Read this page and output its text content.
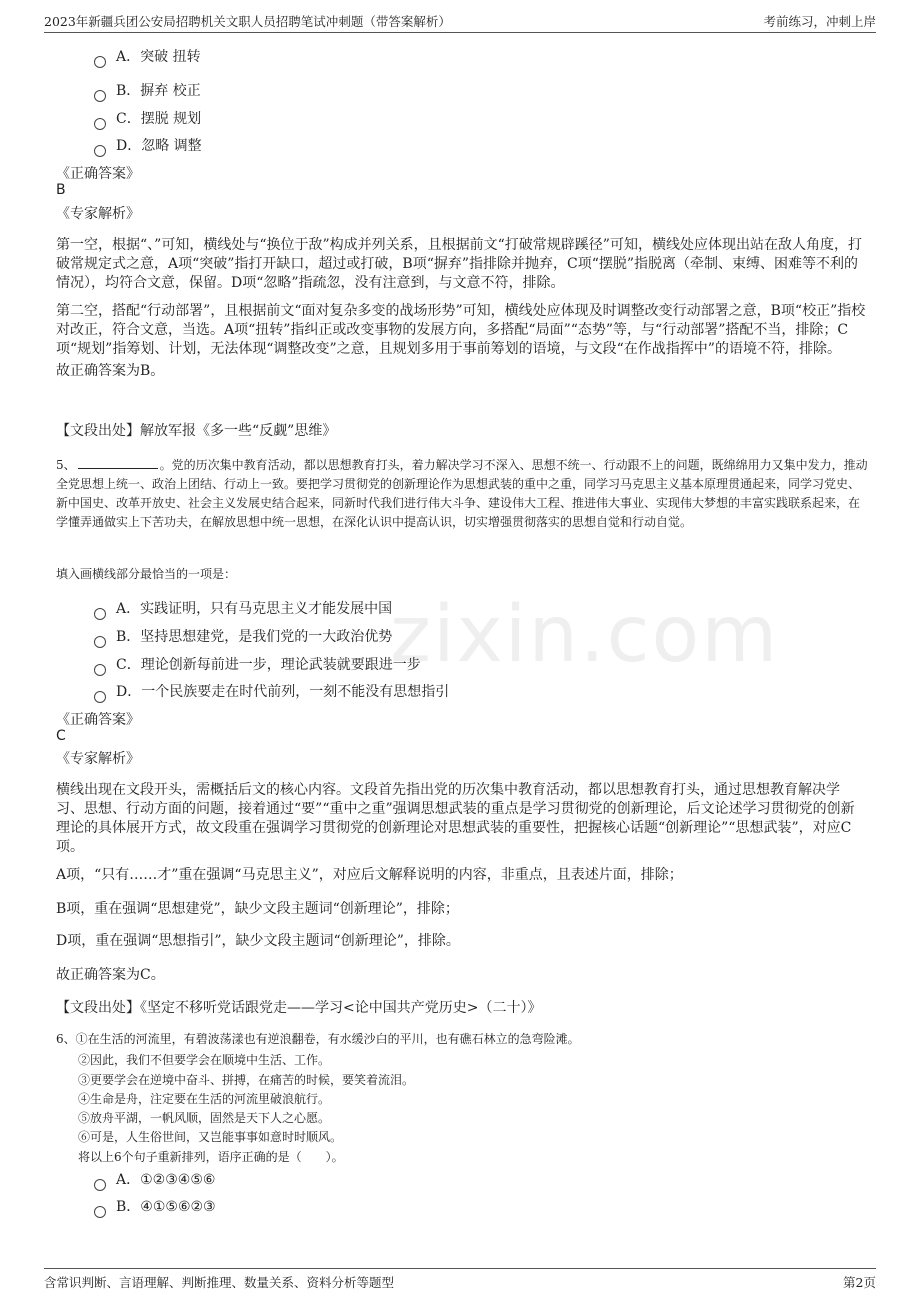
2023年新疆兵团公安局招聘机关文职人员招聘笔试冲刺题（带答案解析）	考前练习，冲刺上岸
zixin.com
A．突破 扭转
B．摒弃 校正
C．摆脱 规划
D．忽略 调整
《正确答案》
B
《专家解析》
第一空，根据“、”可知，横线处与“换位于敌”构成并列关系，且根据前文“打破常规辟蹊径”可知，横线处应体现出站在敌人角度，打破常规定式之意，A项“突破”指打开缺口，超过或打破，B项“摒弃”指排除并抛弃，C项“摆脱”指脱离（牵制、束缚、困难等不利的情况），均符合文意，保留。D项“忽略”指疏忽，没有注意到，与文意不符，排除。
第二空，搭配“行动部署”，且根据前文“面对复杂多变的战场形势”可知，横线处应体现及时调整改变行动部署之意，B项“校正”指校对改正，符合文意，当选。A项“扭转”指纠正或改变事物的发展方向，多搭配“局面”“态势”等，与“行动部署”搭配不当，排除；C项“规划”指筹划、计划，无法体现“调整改变”之意，且规划多用于事前筹划的语境，与文段“在作战指挥中”的语境不符，排除。
故正确答案为B。
【文段出处】解放军报《多一些“反觑”思维》
5、	。党的历次集中教育活动，都以思想教育打头，着力解决学习不深入、思想不统一、行动跟不上的问题，既绵绵用力又集中发力，推动全党思想上统一、政治上团结、行动上一致。要把学习贯彻党的创新理论作为思想武装的重中之重，同学习马克思主义基本原理贯通起来，同学习党史、新中国史、改革开放史、社会主义发展史结合起来，同新时代我们进行伟大斗争、建设伟大工程、推进伟大事业、实现伟大梦想的丰富实践联系起来，在学懂弄通做实上下苦功夫，在解放思想中统一思想，在深化认识中提高认识，切实增强贯彻落实的思想自觉和行动自觉。
填入画横线部分最恰当的一项是：
A．实践证明，只有马克思主义才能发展中国
B．坚持思想建党，是我们党的一大政治优势
C．理论创新每前进一步，理论武装就要跟进一步
D．一个民族要走在时代前列，一刻不能没有思想指引
《正确答案》
C
《专家解析》
横线出现在文段开头，需概括后文的核心内容。文段首先指出党的历次集中教育活动，都以思想教育打头，通过思想教育解决学习、思想、行动方面的问题，接着通过“要”“重中之重”强调思想武装的重点是学习贯彻党的创新理论，后文论述学习贯彻党的创新理论的具体展开方式，故文段重在强调学习贯彻党的创新理论对思想武装的重要性，把握核心话题“创新理论”“思想武装”，对应C项。
A项，“只有……才”重在强调“马克思主义”，对应后文解释说明的内容，非重点，且表述片面，排除；
B项，重在强调“思想建党”，缺少文段主题词“创新理论”，排除；
D项，重在强调“思想指引”，缺少文段主题词“创新理论”，排除。
故正确答案为C。
【文段出处】《坚定不移听党话跟党走——学习<论中国共产党历史>（二十）》
6、①在生活的河流里，有碧波荡漾也有逆浪翻卷，有水缓沙白的平川，也有礁石林立的急弯险滩。
②因此，我们不但要学会在顺境中生活、工作。
③更要学会在逆境中奋斗、拼搏，在痛苦的时候，要笑着流泪。
④生命是舟，注定要在生活的河流里破浪航行。
⑤放舟平湖，一帆风顺，固然是天下人之心愿。
⑥可是，人生俗世间，又岂能事事如意时时顺风。
将以上6个句子重新排列，语序正确的是（　　）。
A．①②③④⑤⑥
B．④①⑤⑥②③
含常识判断、言语理解、判断推理、数量关系、资料分析等题型	第2页
